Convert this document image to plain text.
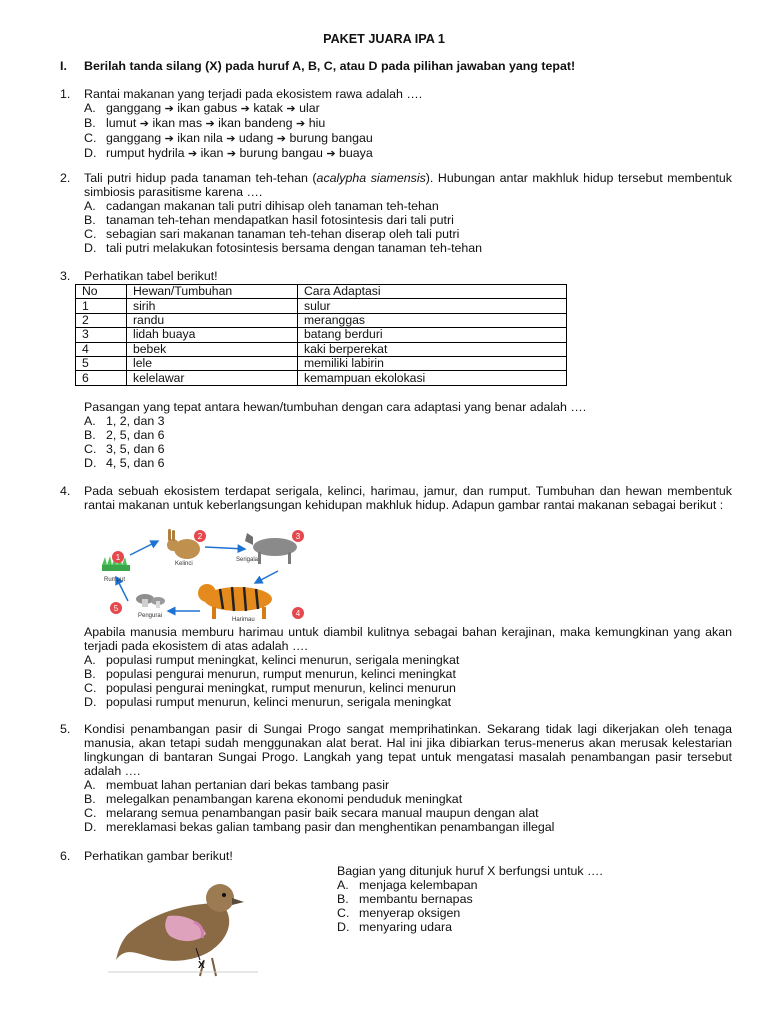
PAKET JUARA IPA 1
I. Berilah tanda silang (X) pada huruf A, B, C, atau D pada pilihan jawaban yang tepat!
1.	Rantai makanan yang terjadi pada ekosistem rawa adalah ….
A. ganggang ➔ ikan gabus ➔ katak ➔ ular
B. lumut ➔ ikan mas ➔ ikan bandeng ➔ hiu
C. ganggang ➔ ikan nila ➔ udang ➔ burung bangau
D. rumput hydrila ➔ ikan ➔ burung bangau ➔ buaya
2.	Tali putri hidup pada tanaman teh-tehan (acalypha siamensis). Hubungan antar makhluk hidup tersebut membentuk simbiosis parasitisme karena ….
A. cadangan makanan tali putri dihisap oleh tanaman teh-tehan
B. tanaman teh-tehan mendapatkan hasil fotosintesis dari tali putri
C. sebagian sari makanan tanaman teh-tehan diserap oleh tali putri
D. tali putri melakukan fotosintesis bersama dengan tanaman teh-tehan
3.	Perhatikan tabel berikut!
No	Hewan/Tumbuhan	Cara Adaptasi
1	sirih	sulur
2	randu	meranggas
3	lidah buaya	batang berduri
4	bebek	kaki berperekat
5	lele	memiliki labirin
6	kelelawar	kemampuan ekolokasi
Pasangan yang tepat antara hewan/tumbuhan dengan cara adaptasi yang benar adalah ….
A. 1, 2, dan 3
B. 2, 5, dan 6
C. 3, 5, dan 6
D. 4, 5, dan 6
4.	Pada sebuah ekosistem terdapat serigala, kelinci, harimau, jamur, dan rumput. Tumbuhan dan hewan membentuk rantai makanan untuk keberlangsungan kehidupan makhluk hidup. Adapun gambar rantai makanan sebagai berikut :
1
2	3
4
5
Rumput
Kelinci
Serigala
Harimau
Pengurai
Apabila manusia memburu harimau untuk diambil kulitnya sebagai bahan kerajinan, maka kemungkinan yang akan terjadi pada ekosistem di atas adalah ….
A. populasi rumput meningkat, kelinci menurun, serigala meningkat
B. populasi pengurai menurun, rumput menurun, kelinci meningkat
C. populasi pengurai meningkat, rumput menurun, kelinci menurun
D. populasi rumput menurun, kelinci menurun, serigala meningkat
5.	Kondisi penambangan pasir di Sungai Progo sangat memprihatinkan. Sekarang tidak lagi dikerjakan oleh tenaga manusia, akan tetapi sudah menggunakan alat berat. Hal ini jika dibiarkan terus-menerus akan merusak kelestarian lingkungan di bantaran Sungai Progo. Langkah yang tepat untuk mengatasi masalah penambangan pasir tersebut adalah ….
A. membuat lahan pertanian dari bekas tambang pasir
B. melegalkan penambangan karena ekonomi penduduk meningkat
C. melarang semua penambangan pasir baik secara manual maupun dengan alat
D. mereklamasi bekas galian tambang pasir dan menghentikan penambangan illegal
6.	Perhatikan gambar berikut!
X
Bagian yang ditunjuk huruf X berfungsi untuk ….
A. menjaga kelembapan
B. membantu bernapas
C. menyerap oksigen
D. menyaring udara
